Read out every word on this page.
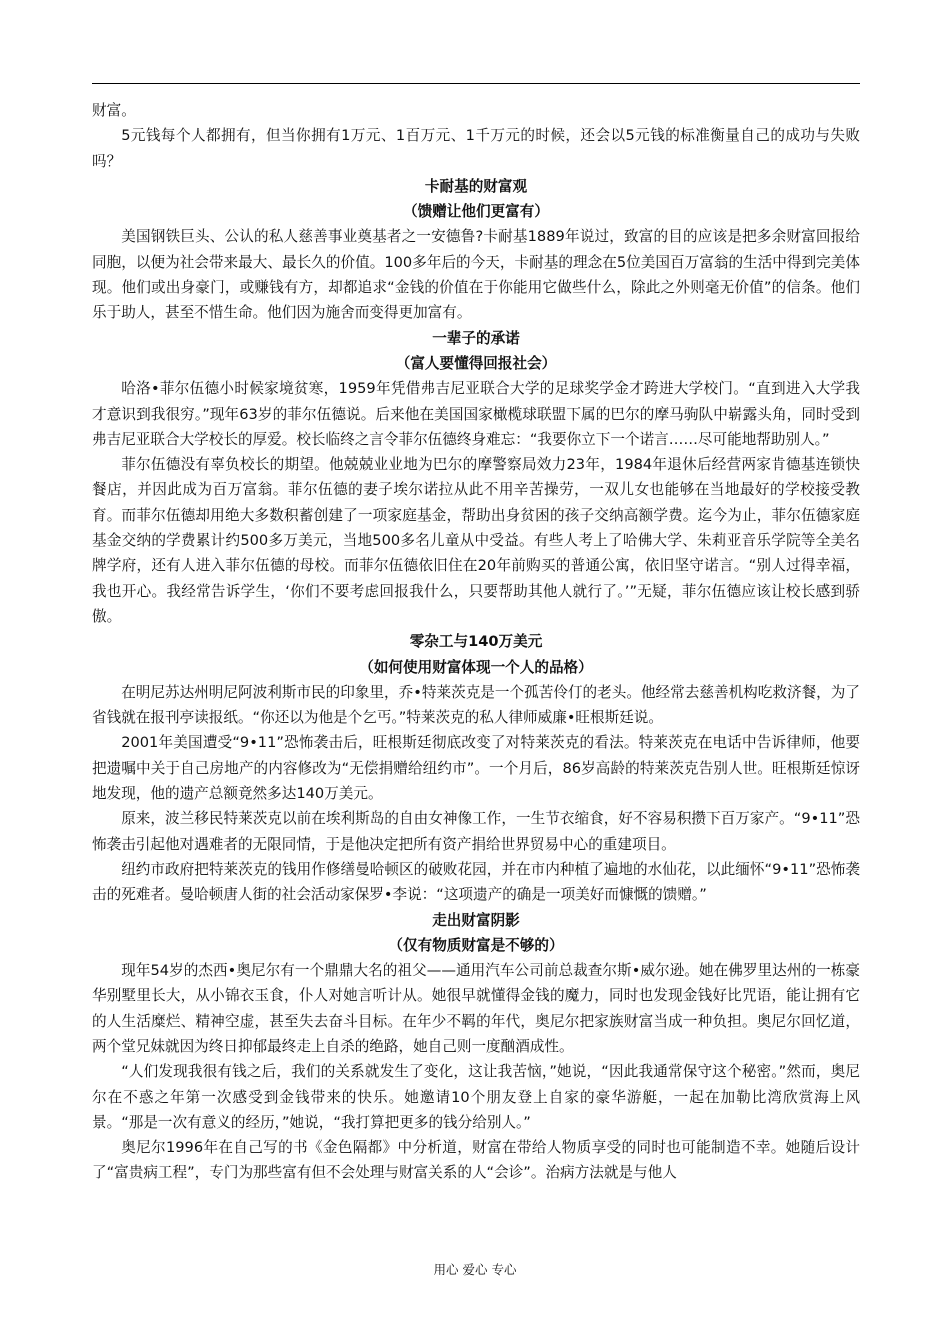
财富。

5元钱每个人都拥有，但当你拥有1万元、1百万元、1千万元的时候，还会以5元钱的标准衡量自己的成功与失败吗？

卡耐基的财富观

（馈赠让他们更富有）

美国钢铁巨头、公认的私人慈善事业奠基者之一安德鲁?卡耐基1889年说过，致富的目的应该是把多余财富回报给同胞，以便为社会带来最大、最长久的价值。100多年后的今天，卡耐基的理念在5位美国百万富翁的生活中得到完美体现。他们或出身豪门，或赚钱有方，却都追求“金钱的价值在于你能用它做些什么，除此之外则毫无价值”的信条。他们乐于助人，甚至不惜生命。他们因为施舍而变得更加富有。

一辈子的承诺

（富人要懂得回报社会）

哈洛•菲尔伍德小时候家境贫寒，1959年凭借弗吉尼亚联合大学的足球奖学金才跨进大学校门。“直到进入大学我才意识到我很穷。”现年63岁的菲尔伍德说。后来他在美国国家橄榄球联盟下属的巴尔的摩马驹队中崭露头角，同时受到弗吉尼亚联合大学校长的厚爱。校长临终之言令菲尔伍德终身难忘：“我要你立下一个诺言……尽可能地帮助别人。”

菲尔伍德没有辜负校长的期望。他兢兢业业地为巴尔的摩警察局效力23年，1984年退休后经营两家肯德基连锁快餐店，并因此成为百万富翁。菲尔伍德的妻子埃尔诺拉从此不用辛苦操劳，一双儿女也能够在当地最好的学校接受教育。而菲尔伍德却用绝大多数积蓄创建了一项家庭基金，帮助出身贫困的孩子交纳高额学费。迄今为止，菲尔伍德家庭基金交纳的学费累计约500多万美元，当地500多名儿童从中受益。有些人考上了哈佛大学、朱莉亚音乐学院等全美名牌学府，还有人进入菲尔伍德的母校。而菲尔伍德依旧住在20年前购买的普通公寓，依旧坚守诺言。“别人过得幸福，我也开心。我经常告诉学生，‘你们不要考虑回报我什么，只要帮助其他人就行了。’”无疑，菲尔伍德应该让校长感到骄傲。

零杂工与140万美元

（如何使用财富体现一个人的品格）

在明尼苏达州明尼阿波利斯市民的印象里，乔•特莱茨克是一个孤苦伶仃的老头。他经常去慈善机构吃救济餐，为了省钱就在报刊亭读报纸。“你还以为他是个乞丐。”特莱茨克的私人律师威廉•旺根斯廷说。

2001年美国遭受“9•11”恐怖袭击后，旺根斯廷彻底改变了对特莱茨克的看法。特莱茨克在电话中告诉律师，他要把遗嘱中关于自己房地产的内容修改为“无偿捐赠给纽约市”。一个月后，86岁高龄的特莱茨克告别人世。旺根斯廷惊讶地发现，他的遗产总额竟然多达140万美元。

原来，波兰移民特莱茨克以前在埃利斯岛的自由女神像工作，一生节衣缩食，好不容易积攒下百万家产。“9•11”恐怖袭击引起他对遇难者的无限同情，于是他决定把所有资产捐给世界贸易中心的重建项目。

纽约市政府把特莱茨克的钱用作修缮曼哈顿区的破败花园，并在市内种植了遍地的水仙花，以此缅怀“9•11”恐怖袭击的死难者。曼哈顿唐人街的社会活动家保罗•李说：“这项遗产的确是一项美好而慷慨的馈赠。”

走出财富阴影

（仅有物质财富是不够的）

现年54岁的杰西•奥尼尔有一个鼎鼎大名的祖父——通用汽车公司前总裁查尔斯•威尔逊。她在佛罗里达州的一栋豪华别墅里长大，从小锦衣玉食，仆人对她言听计从。她很早就懂得金钱的魔力，同时也发现金钱好比咒语，能让拥有它的人生活糜烂、精神空虚，甚至失去奋斗目标。在年少不羁的年代，奥尼尔把家族财富当成一种负担。奥尼尔回忆道，两个堂兄妹就因为终日抑郁最终走上自杀的绝路，她自己则一度酗酒成性。

“人们发现我很有钱之后，我们的关系就发生了变化，这让我苦恼，”她说，“因此我通常保守这个秘密。”然而，奥尼尔在不惑之年第一次感受到金钱带来的快乐。她邀请10个朋友登上自家的豪华游艇，一起在加勒比湾欣赏海上风景。“那是一次有意义的经历，”她说，“我打算把更多的钱分给别人。”

奥尼尔1996年在自己写的书《金色隔都》中分析道，财富在带给人物质享受的同时也可能制造不幸。她随后设计了“富贵病工程”，专门为那些富有但不会处理与财富关系的人“会诊”。治病方法就是与他人

用心 爱心 专心
